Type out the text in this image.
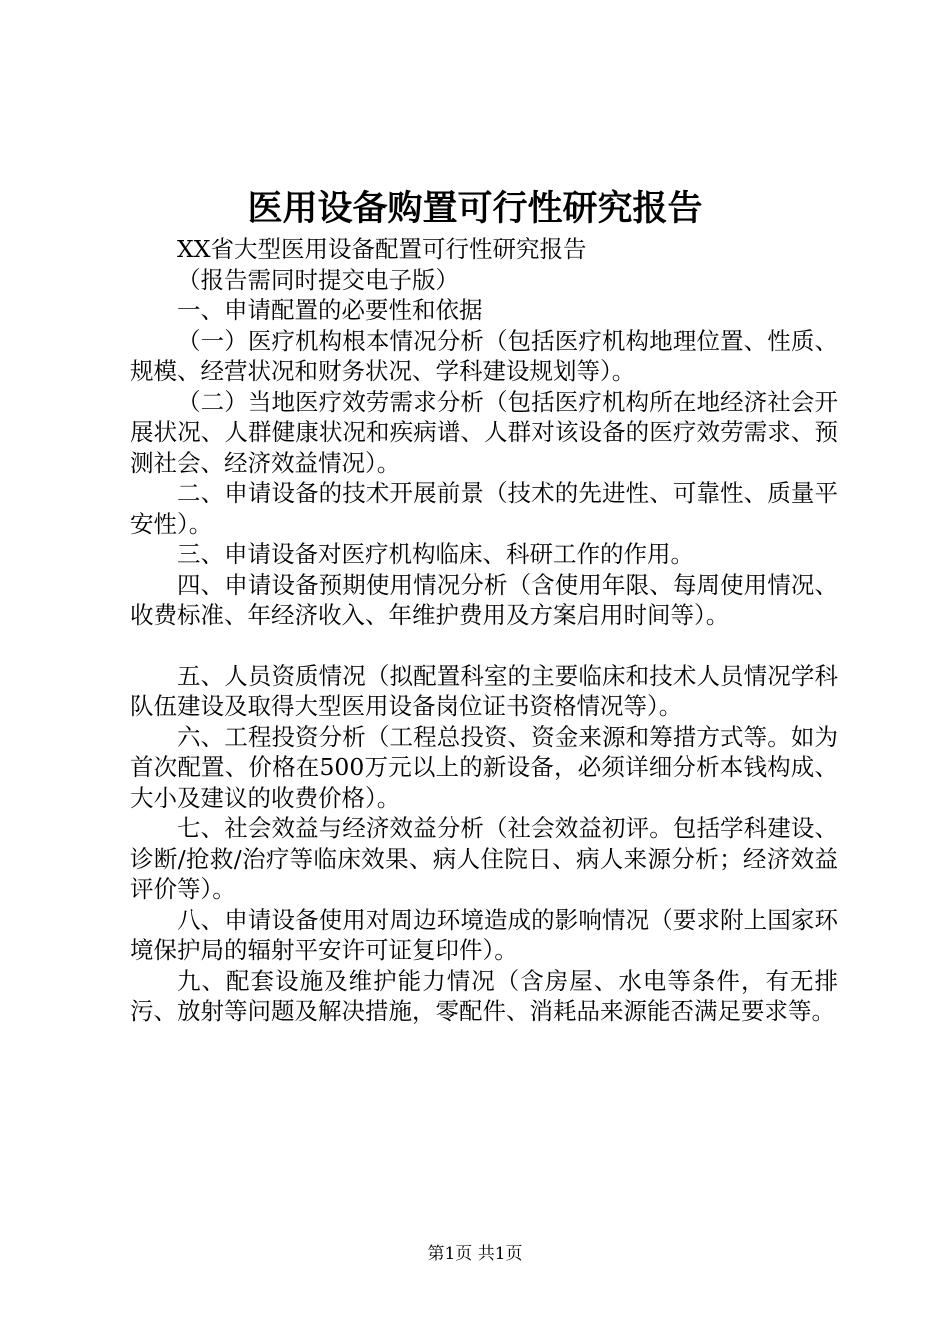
医用设备购置可行性研究报告

XX省大型医用设备配置可行性研究报告

（报告需同时提交电子版）

一、申请配置的必要性和依据

（一）医疗机构根本情况分析（包括医疗机构地理位置、性质、规模、经营状况和财务状况、学科建设规划等）。

（二）当地医疗效劳需求分析（包括医疗机构所在地经济社会开展状况、人群健康状况和疾病谱、人群对该设备的医疗效劳需求、预测社会、经济效益情况）。

二、申请设备的技术开展前景（技术的先进性、可靠性、质量平安性）。

三、申请设备对医疗机构临床、科研工作的作用。

四、申请设备预期使用情况分析（含使用年限、每周使用情况、收费标准、年经济收入、年维护费用及方案启用时间等）。

五、人员资质情况（拟配置科室的主要临床和技术人员情况学科队伍建设及取得大型医用设备岗位证书资格情况等）。

六、工程投资分析（工程总投资、资金来源和筹措方式等。如为首次配置、价格在500万元以上的新设备，必须详细分析本钱构成、大小及建议的收费价格）。

七、社会效益与经济效益分析（社会效益初评。包括学科建设、诊断/抢救/治疗等临床效果、病人住院日、病人来源分析；经济效益评价等）。

八、申请设备使用对周边环境造成的影响情况（要求附上国家环境保护局的辐射平安许可证复印件）。

九、配套设施及维护能力情况（含房屋、水电等条件，有无排污、放射等问题及解决措施，零配件、消耗品来源能否满足要求等。

第1页 共1页
